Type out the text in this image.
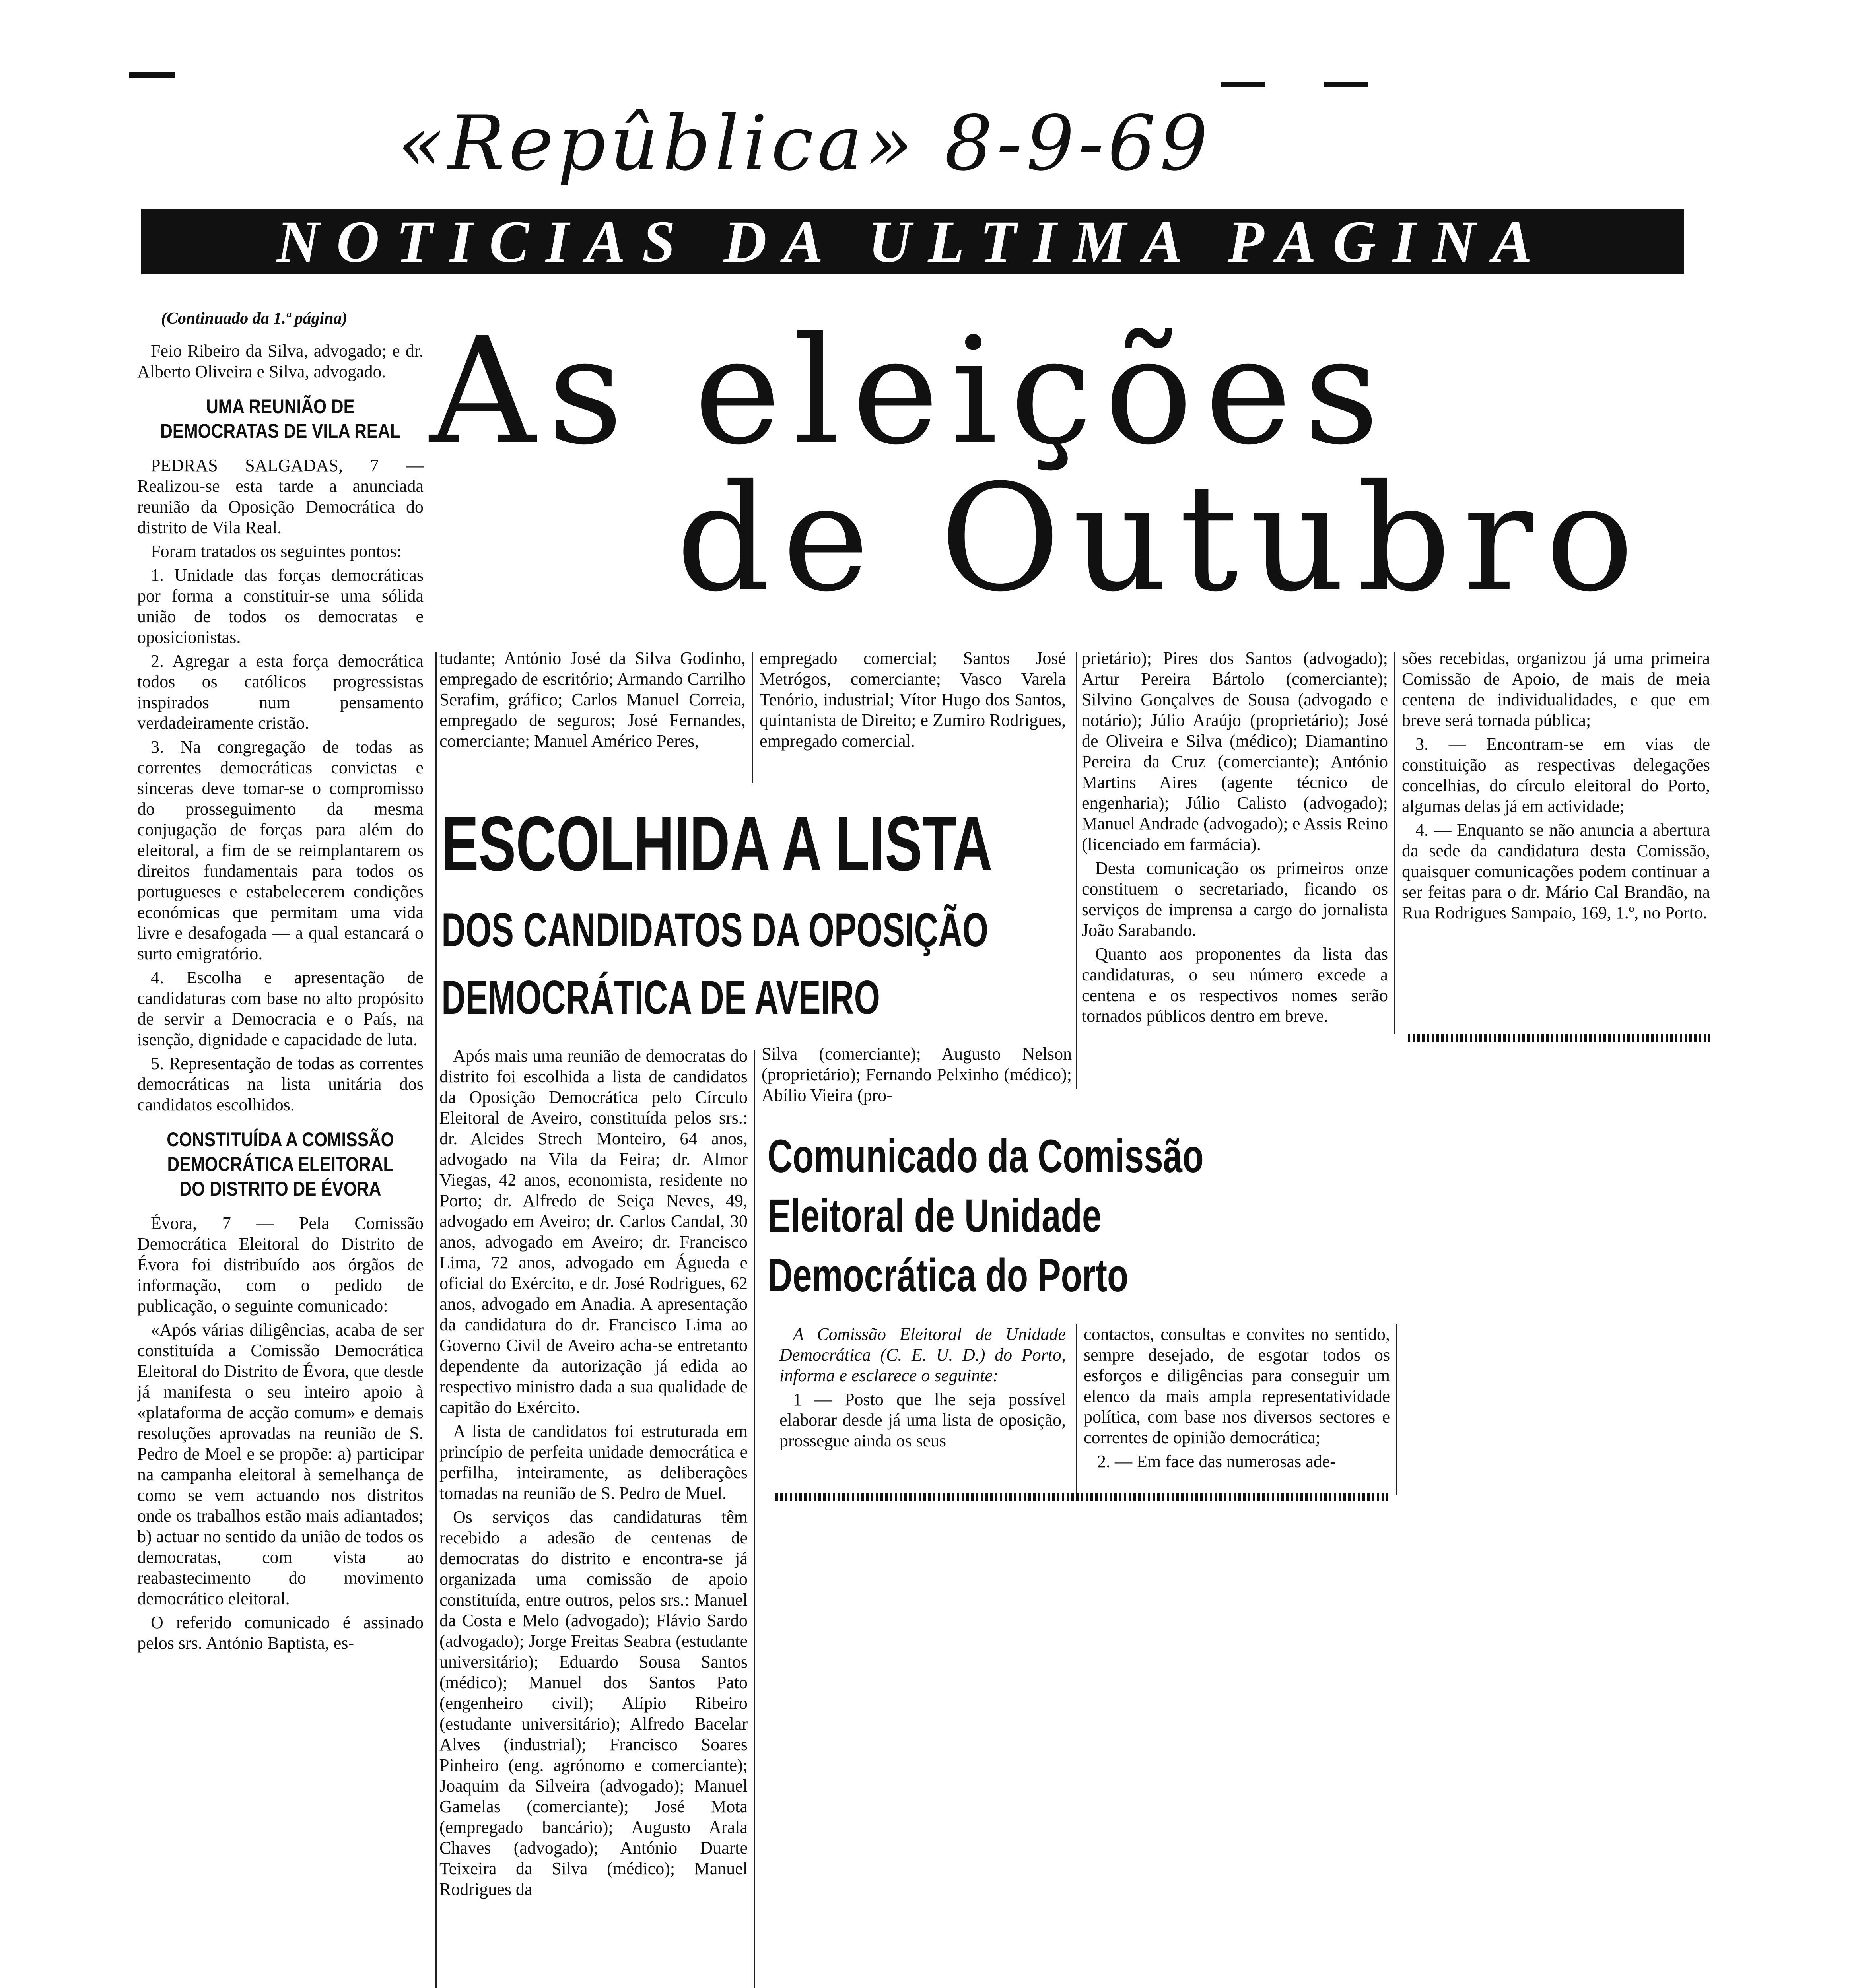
«Repûblica» 8-9-69
NOTICIAS DA ULTIMA PAGINA
As eleições
de Outubro
(Continuado da 1.ª página)

Feio Ribeiro da Silva, advogado; e dr. Alberto Oliveira e Silva, advogado.

UMA REUNIÃO DE DEMOCRATAS DE VILA REAL

PEDRAS SALGADAS, 7 — Realizou-se esta tarde a anunciada reunião da Oposição Democrática do distrito de Vila Real.

Foram tratados os seguintes pontos:

1. Unidade das forças democráticas por forma a constituir-se uma sólida união de todos os democratas e oposicionistas.

2. Agregar a esta força democrática todos os católicos progressistas inspirados num pensamento verdadeiramente cristão.

3. Na congregação de todas as correntes democráticas convictas e sinceras deve tomar-se o compromisso do prosseguimento da mesma conjugação de forças para além do eleitoral, a fim de se reimplantarem os direitos fundamentais para todos os portugueses e estabelecerem condições económicas que permitam uma vida livre e desafogada — a qual estancará o surto emigratório.

4. Escolha e apresentação de candidaturas com base no alto propósito de servir a Democracia e o País, na isenção, dignidade e capacidade de luta.

5. Representação de todas as correntes democráticas na lista unitária dos candidatos escolhidos.

CONSTITUÍDA A COMISSÃO DEMOCRÁTICA ELEITORAL DO DISTRITO DE ÉVORA

Évora, 7 — Pela Comissão Democrática Eleitoral do Distrito de Évora foi distribuído aos órgãos de informação, com o pedido de publicação, o seguinte comunicado:

«Após várias diligências, acaba de ser constituída a Comissão Democrática Eleitoral do Distrito de Évora, que desde já manifesta o seu inteiro apoio à «plataforma de acção comum» e demais resoluções aprovadas na reunião de S. Pedro de Moel e se propõe: a) participar na campanha eleitoral à semelhança de como se vem actuando nos distritos onde os trabalhos estão mais adiantados; b) actuar no sentido da união de todos os democratas, com vista ao reabastecimento do movimento democrático eleitoral.

O referido comunicado é assinado pelos srs. António Baptista, es-

tudante; António José da Silva Godinho, empregado de escritório; Armando Carrilho Serafim, gráfico; Carlos Manuel Correia, empregado de seguros; José Fernandes, comerciante; Manuel Américo Peres,

empregado comercial; Santos José Metrógos, comerciante; Vasco Varela Tenório, industrial; Vítor Hugo dos Santos, quintanista de Direito; e Zumiro Rodrigues, empregado comercial.

prietário); Pires dos Santos (advogado); Artur Pereira Bártolo (comerciante); Silvino Gonçalves de Sousa (advogado e notário); Júlio Araújo (proprietário); José de Oliveira e Silva (médico); Diamantino Pereira da Cruz (comerciante); António Martins Aires (agente técnico de engenharia); Júlio Calisto (advogado); Manuel Andrade (advogado); e Assis Reino (licenciado em farmácia).

Desta comunicação os primeiros onze constituem o secretariado, ficando os serviços de imprensa a cargo do jornalista João Sarabando.

Quanto aos proponentes da lista das candidaturas, o seu número excede a centena e os respectivos nomes serão tornados públicos dentro em breve.

sões recebidas, organizou já uma primeira Comissão de Apoio, de mais de meia centena de individualidades, e que em breve será tornada pública;

3. — Encontram-se em vias de constituição as respectivas delegações concelhias, do círculo eleitoral do Porto, algumas delas já em actividade;

4. — Enquanto se não anuncia a abertura da sede da candidatura desta Comissão, quaisquer comunicações podem continuar a ser feitas para o dr. Mário Cal Brandão, na Rua Rodrigues Sampaio, 169, 1.º, no Porto.

ESCOLHIDA A LISTA
DOS CANDIDATOS DA OPOSIÇÃO
DEMOCRÁTICA DE AVEIRO

Após mais uma reunião de democratas do distrito foi escolhida a lista de candidatos da Oposição Democrática pelo Círculo Eleitoral de Aveiro, constituída pelos srs.: dr. Alcides Strech Monteiro, 64 anos, advogado na Vila da Feira; dr. Almor Viegas, 42 anos, economista, residente no Porto; dr. Alfredo de Seiça Neves, 49, advogado em Aveiro; dr. Carlos Candal, 30 anos, advogado em Aveiro; dr. Francisco Lima, 72 anos, advogado em Águeda e oficial do Exército, e dr. José Rodrigues, 62 anos, advogado em Anadia. A apresentação da candidatura do dr. Francisco Lima ao Governo Civil de Aveiro acha-se entretanto dependente da autorização já edida ao respectivo ministro dada a sua qualidade de capitão do Exército.

A lista de candidatos foi estruturada em princípio de perfeita unidade democrática e perfilha, inteiramente, as deliberações tomadas na reunião de S. Pedro de Muel.

Os serviços das candidaturas têm recebido a adesão de centenas de democratas do distrito e encontra-se já organizada uma comissão de apoio constituída, entre outros, pelos srs.: Manuel da Costa e Melo (advogado); Flávio Sardo (advogado); Jorge Freitas Seabra (estudante universitário); Eduardo Sousa Santos (médico); Manuel dos Santos Pato (engenheiro civil); Alípio Ribeiro (estudante universitário); Alfredo Bacelar Alves (industrial); Francisco Soares Pinheiro (eng. agrónomo e comerciante); Joaquim da Silveira (advogado); Manuel Gamelas (comerciante); José Mota (empregado bancário); Augusto Arala Chaves (advogado); António Duarte Teixeira da Silva (médico); Manuel Rodrigues da

Silva (comerciante); Augusto Nelson (proprietário); Fernando Pelxinho (médico); Abílio Vieira (pro-

Comunicado da Comissão
Eleitoral de Unidade
Democrática do Porto

A Comissão Eleitoral de Unidade Democrática (C. E. U. D.) do Porto, informa e esclarece o seguinte:

1 — Posto que lhe seja possível elaborar desde já uma lista de oposição, prossegue ainda os seus

contactos, consultas e convites no sentido, sempre desejado, de esgotar todos os esforços e diligências para conseguir um elenco da mais ampla representatividade política, com base nos diversos sectores e correntes de opinião democrática;

2. — Em face das numerosas ade-
